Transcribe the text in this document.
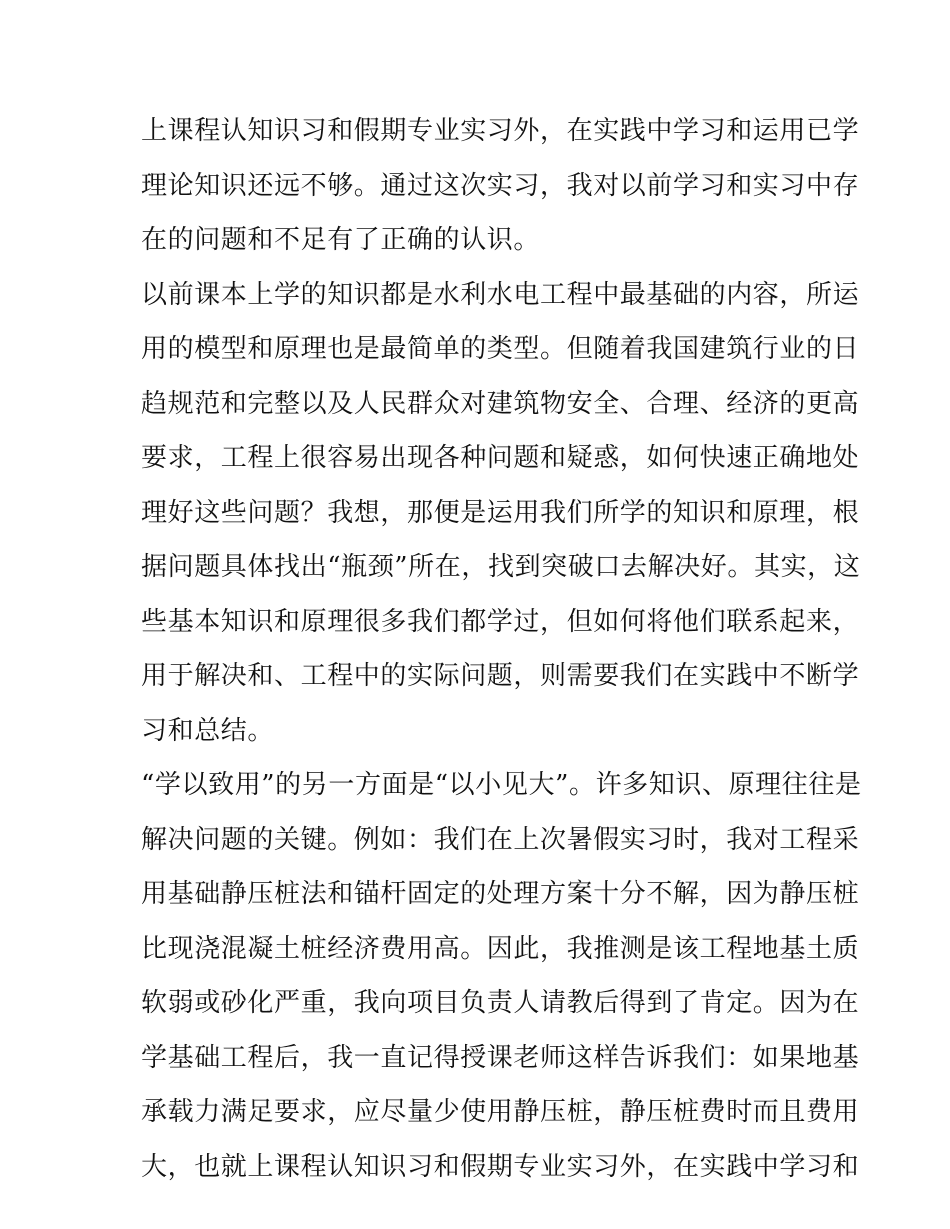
上课程认知识习和假期专业实习外，在实践中学习和运用已学
理论知识还远不够。通过这次实习，我对以前学习和实习中存
在的问题和不足有了正确的认识。
以前课本上学的知识都是水利水电工程中最基础的内容，所运
用的模型和原理也是最简单的类型。但随着我国建筑行业的日
趋规范和完整以及人民群众对建筑物安全、合理、经济的更高
要求，工程上很容易出现各种问题和疑惑，如何快速正确地处
理好这些问题？我想，那便是运用我们所学的知识和原理，根
据问题具体找出“瓶颈”所在，找到突破口去解决好。其实，这
些基本知识和原理很多我们都学过，但如何将他们联系起来，
用于解决和、工程中的实际问题，则需要我们在实践中不断学
习和总结。
“学以致用”的另一方面是“以小见大”。许多知识、原理往往是
解决问题的关键。例如：我们在上次暑假实习时，我对工程采
用基础静压桩法和锚杆固定的处理方案十分不解，因为静压桩
比现浇混凝土桩经济费用高。因此，我推测是该工程地基土质
软弱或砂化严重，我向项目负责人请教后得到了肯定。因为在
学基础工程后，我一直记得授课老师这样告诉我们：如果地基
承载力满足要求，应尽量少使用静压桩，静压桩费时而且费用
大，也就上课程认知识习和假期专业实习外，在实践中学习和
